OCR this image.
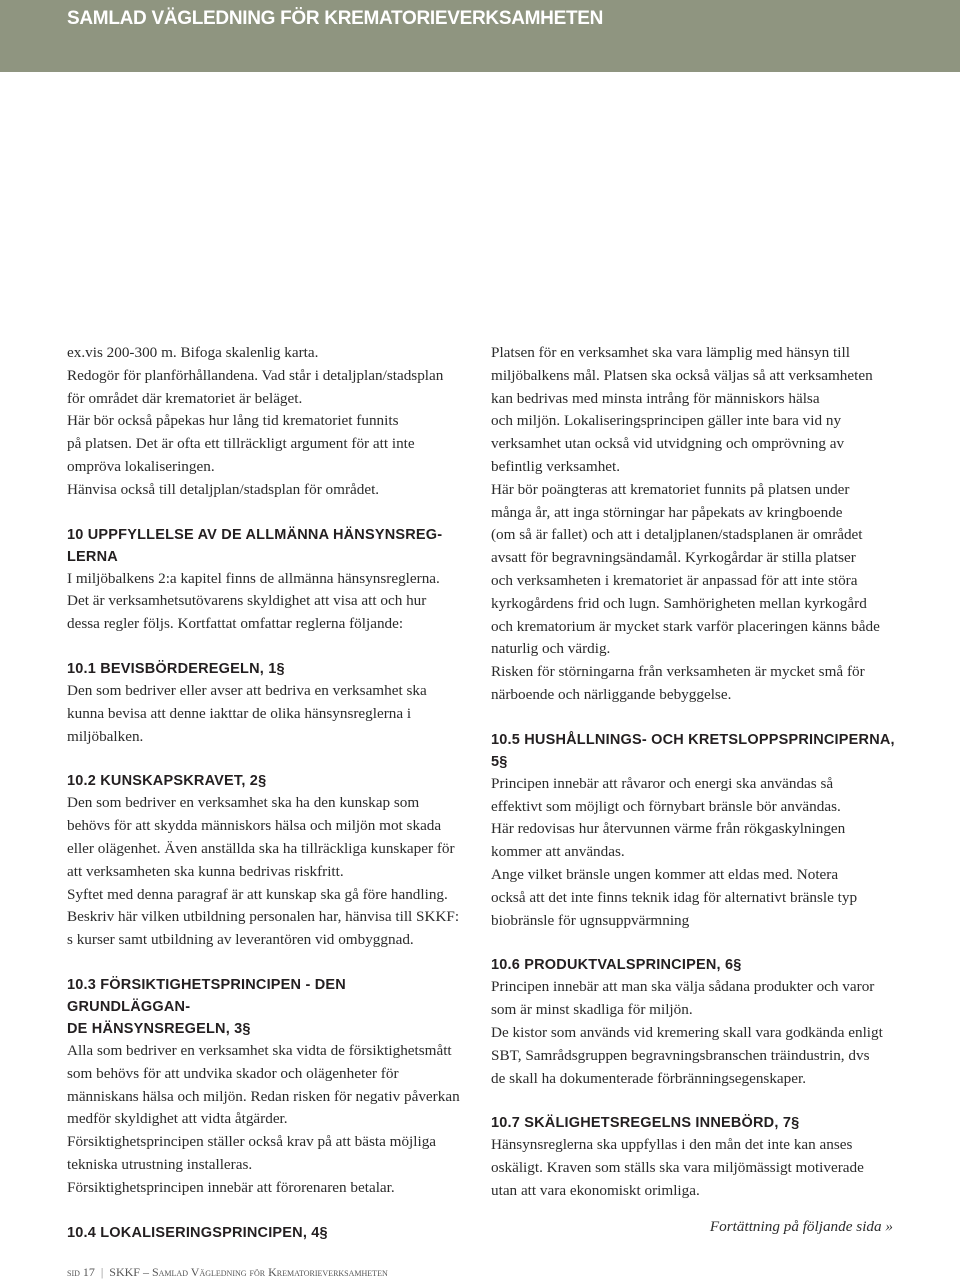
SAMLAD VÄGLEDNING FÖR KREMATORIEVERKSAMHETEN

ex.vis 200-300 m. Bifoga skalenlig karta.

Redogör för planförhållandena. Vad står i detaljplan/stadsplan

för området där krematoriet är beläget.

Här bör också påpekas hur lång tid krematoriet funnits

på platsen. Det är ofta ett tillräckligt argument för att inte

ompröva lokaliseringen.

Hänvisa också till detaljplan/stadsplan för området.

10 UPPFYLLELSE AV DE ALLMÄNNA HÄNSYNSREG-
LERNA

I miljöbalkens 2:a kapitel finns de allmänna hänsynsreglerna.

Det är verksamhetsutövarens skyldighet att visa att och hur

dessa regler följs. Kortfattat omfattar reglerna följande:

10.1 BEVISBÖRDEREGELN, 1§

Den som bedriver eller avser att bedriva en verksamhet ska

kunna bevisa att denne iakttar de olika hänsynsreglerna i

miljöbalken.

10.2 KUNSKAPSKRAVET, 2§

Den som bedriver en verksamhet ska ha den kunskap som

behövs för att skydda människors hälsa och miljön mot skada

eller olägenhet. Även anställda ska ha tillräckliga kunskaper för

att verksamheten ska kunna bedrivas riskfritt.

Syftet med denna paragraf är att kunskap ska gå före handling.

Beskriv här vilken utbildning personalen har, hänvisa till SKKF:

s kurser samt utbildning av leverantören vid ombyggnad.

10.3 FÖRSIKTIGHETSPRINCIPEN - DEN GRUNDLÄGGAN-
DE HÄNSYNSREGELN, 3§

Alla som bedriver en verksamhet ska vidta de försiktighetsmått

som behövs för att undvika skador och olägenheter för

människans hälsa och miljön. Redan risken för negativ påverkan

medför skyldighet att vidta åtgärder.

Försiktighetsprincipen ställer också krav på att bästa möjliga

tekniska utrustning installeras.

Försiktighetsprincipen innebär att förorenaren betalar.

10.4 LOKALISERINGSPRINCIPEN, 4§

Platsen för en verksamhet ska vara lämplig med hänsyn till

miljöbalkens mål. Platsen ska också väljas så att verksamheten

kan bedrivas med minsta intrång för människors hälsa

och miljön. Lokaliseringsprincipen gäller inte bara vid ny

verksamhet utan också vid utvidgning och omprövning av

befintlig verksamhet.

Här bör poängteras att krematoriet funnits på platsen under

många år, att inga störningar har påpekats av kringboende

(om så är fallet) och att i detaljplanen/stadsplanen är området

avsatt för begravningsändamål. Kyrkogårdar är stilla platser

och verksamheten i krematoriet är anpassad för att inte störa

kyrkogårdens frid och lugn. Samhörigheten mellan kyrkogård

och krematorium är mycket stark varför placeringen känns både

naturlig och värdig.

Risken för störningarna från verksamheten är mycket små för

närboende och närliggande bebyggelse.

10.5 HUSHÅLLNINGS- OCH KRETSLOPPSPRINCIPERNA,
5§

Principen innebär att råvaror och energi ska användas så

effektivt som möjligt och förnybart bränsle bör användas.

Här redovisas hur återvunnen värme från rökgaskylningen

kommer att användas.

Ange vilket bränsle ungen kommer att eldas med. Notera

också att det inte finns teknik idag för alternativt bränsle typ

biobränsle för ugnsuppvärmning

10.6 PRODUKTVALSPRINCIPEN, 6§

Principen innebär att man ska välja sådana produkter och varor

som är minst skadliga för miljön.

De kistor som används vid kremering skall vara godkända enligt

SBT, Samrådsgruppen begravningsbranschen träindustrin, dvs

de skall ha dokumenterade förbränningsegenskaper.

10.7 SKÄLIGHETSREGELNS INNEBÖRD, 7§

Hänsynsreglerna ska uppfyllas i den mån det inte kan anses

oskäligt. Kraven som ställs ska vara miljömässigt motiverade

utan att vara ekonomiskt orimliga.

Fortättning på följande sida »
sid 17 | SKKF – Samlad Vägledning för Krematorieverksamheten
